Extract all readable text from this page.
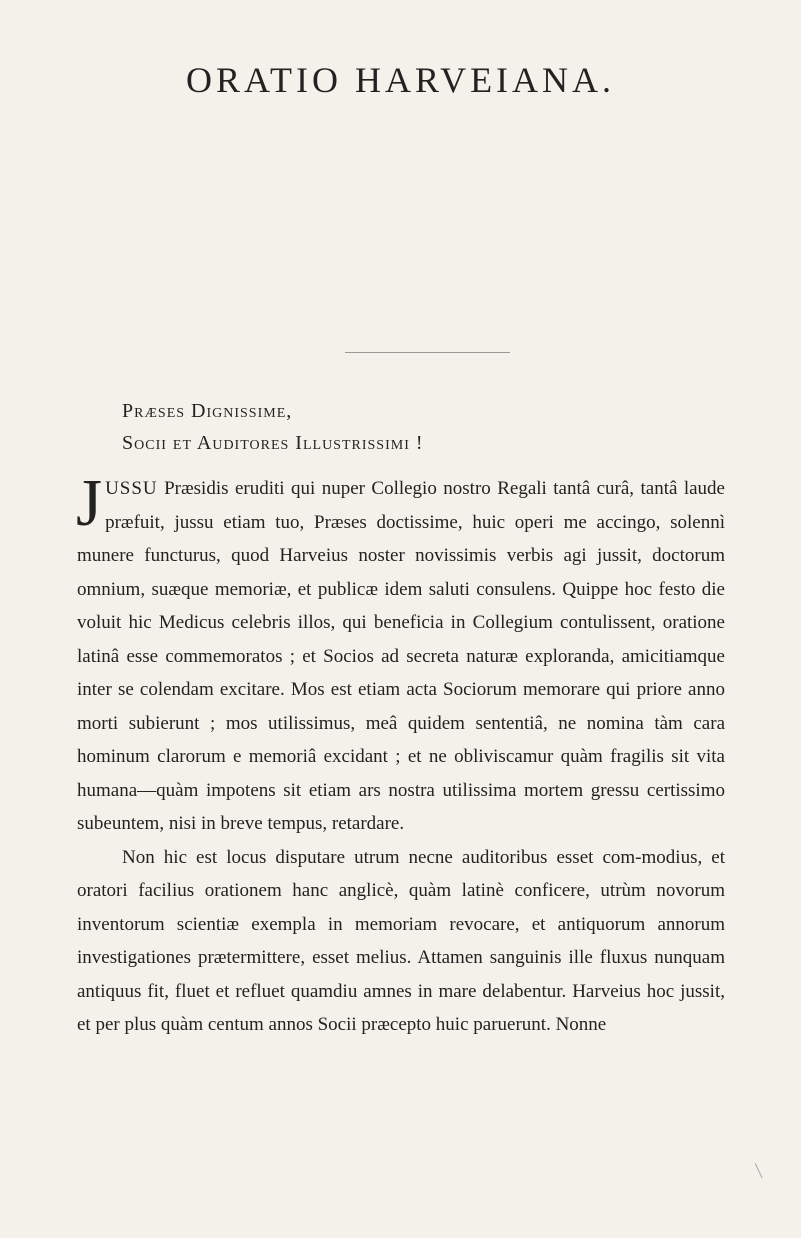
ORATIO HARVEIANA.
Præses Dignissime,
Socii et Auditores Illustrissimi !

JUSSU Præsidis eruditi qui nuper Collegio nostro Regali tantâ curâ, tantâ laude præfuit, jussu etiam tuo, Præses doctissime, huic operi me accingo, solennì munere functurus, quod Harveius noster novissimis verbis agi jussit, doctorum omnium, suæque memoriæ, et publicæ idem saluti consulens. Quippe hoc festo die voluit hic Medicus celebris illos, qui beneficia in Collegium contulissent, oratione latinâ esse commemoratos ; et Socios ad secreta naturæ exploranda, amicitiamque inter se colendam excitare. Mos est etiam acta Sociorum memorare qui priore anno morti subierunt ; mos utilissimus, meâ quidem sententiâ, ne nomina tàm cara hominum clarorum e memoriâ excidant ; et ne obliviscamur quàm fragilis sit vita humana—quàm impotens sit etiam ars nostra utilissima mortem gressu certissimo subeuntem, nisi in breve tempus, retardare.

Non hic est locus disputare utrum necne auditoribus esset com-modius, et oratori facilius orationem hanc anglicè, quàm latinè conficere, utrùm novorum inventorum scientiæ exempla in memoriam revocare, et antiquorum annorum investigationes prætermittere, esset melius. Attamen sanguinis ille fluxus nunquam antiquus fit, fluet et refluet quamdiu amnes in mare delabentur. Harveius hoc jussit, et per plus quàm centum annos Socii præcepto huic paruerunt. Nonne
